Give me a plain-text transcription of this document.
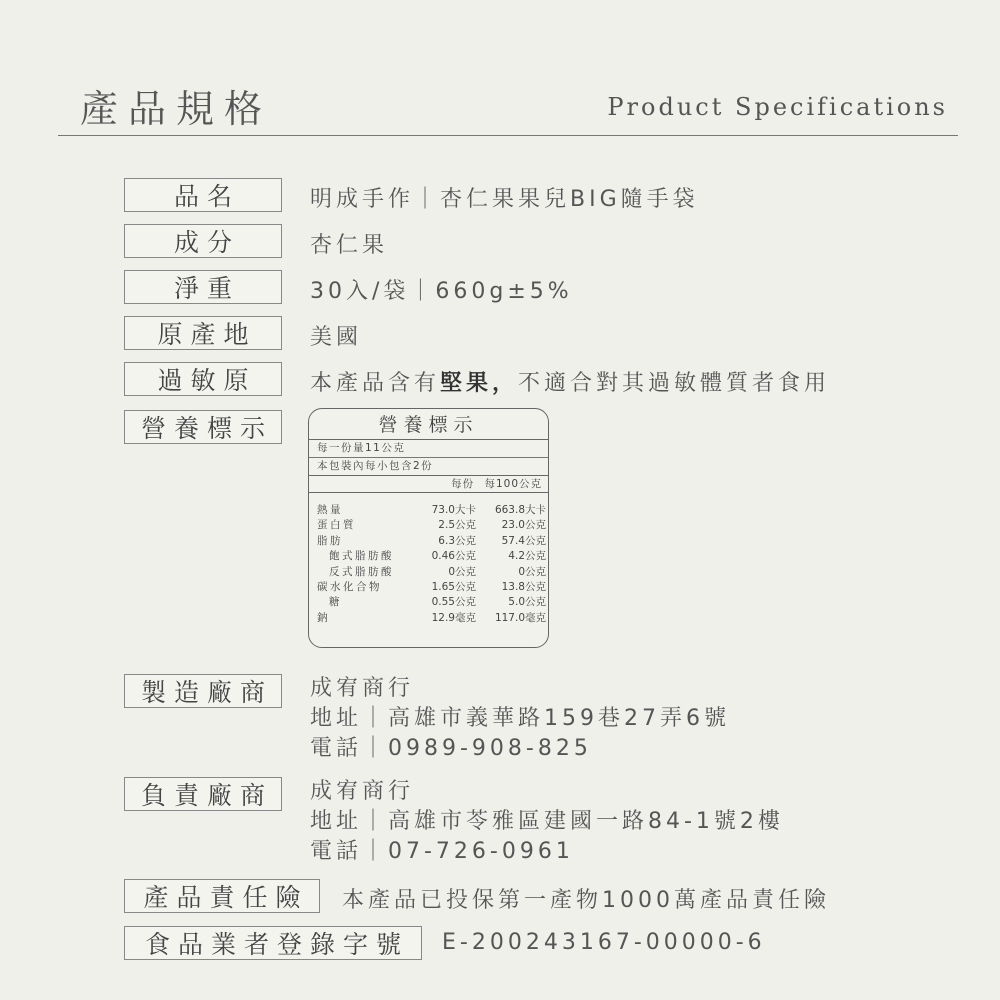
產品規格	Product Specifications
品名	明成手作｜杏仁果果兒BIG隨手袋
成分	杏仁果
淨重	30入/袋｜660g±5%
原產地	美國
過敏原	本產品含有堅果，不適合對其過敏體質者食用
營養標示	營養標示
每一份量11公克
本包裝內每小包含2份
每份 每100公克
熱量	73.0大卡	663.8大卡
蛋白質	2.5公克	23.0公克
脂肪	6.3公克	57.4公克
飽式脂肪酸	0.46公克	4.2公克
反式脂肪酸	0公克	0公克
碳水化合物	1.65公克	13.8公克
糖	0.55公克	5.0公克
鈉	12.9毫克	117.0毫克
製造廠商	成宥商行
地址｜高雄市義華路159巷27弄6號
電話｜0989-908-825
負責廠商	成宥商行
地址｜高雄市苓雅區建國一路84-1號2樓
電話｜07-726-0961
產品責任險	本產品已投保第一產物1000萬產品責任險
食品業者登錄字號	E-200243167-00000-6
